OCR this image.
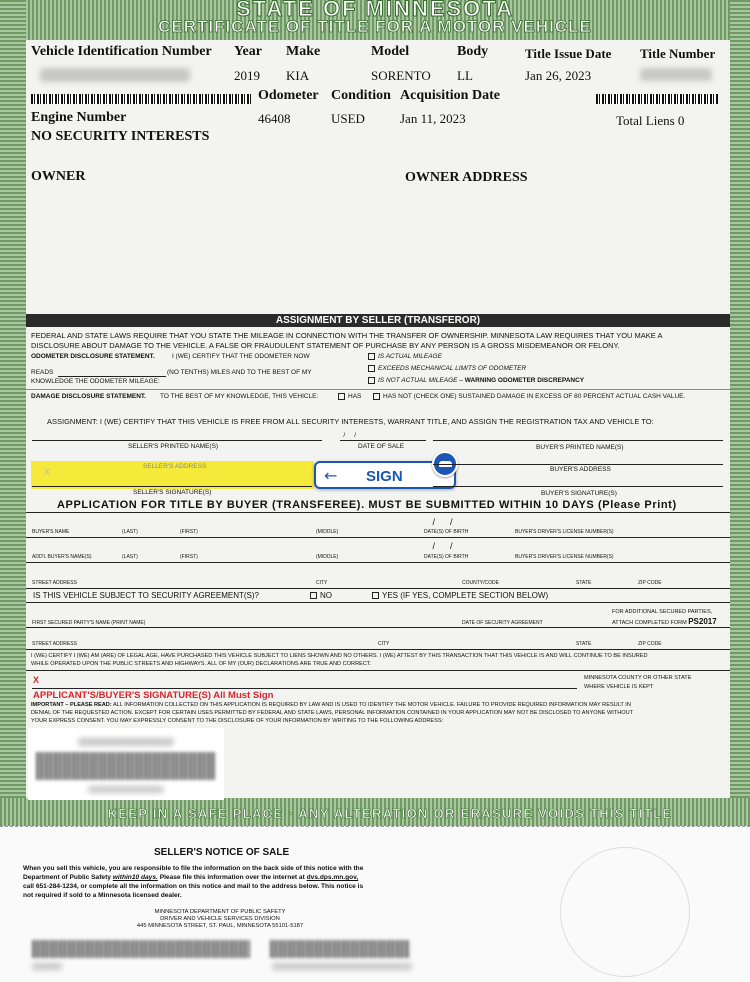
STATE OF MINNESOTA
CERTIFICATE OF TITLE FOR A MOTOR VEHICLE
Vehicle Identification Number Year Make	Model	Body	Title Issue Date Title Number
2019 KIA	SORENTO LL	Jan 26, 2023
Odometer Condition Acquisition Date
Engine Number	46408	USED	Jan 11, 2023	Total Liens 0
NO SECURITY INTERESTS
OWNER	OWNER ADDRESS
ASSIGNMENT BY SELLER (TRANSFEROR)
FEDERAL AND STATE LAWS REQUIRE THAT YOU STATE THE MILEAGE IN CONNECTION WITH THE TRANSFER OF OWNERSHIP. MINNESOTA LAW REQUIRES THAT YOU MAKE A
DISCLOSURE ABOUT DAMAGE TO THE VEHICLE. A FALSE OR FRAUDULENT STATEMENT OF PURCHASE BY ANY PERSON IS A GROSS MISDEMEANOR OR FELONY.
ODOMETER DISCLOSURE STATEMENT.	I (WE) CERTIFY THAT THE ODOMETER NOW
READS	(NO TENTHS) MILES AND TO THE BEST OF MY
KNOWLEDGE THE ODOMETER MILEAGE:
IS ACTUAL MILEAGE
EXCEEDS MECHANICAL LIMITS OF ODOMETER
IS NOT ACTUAL MILEAGE – WARNING ODOMETER DISCREPANCY
DAMAGE DISCLOSURE STATEMENT. TO THE BEST OF MY KNOWLEDGE, THIS VEHICLE:	HAS	HAS NOT (CHECK ONE) SUSTAINED DAMAGE IN EXCESS OF 80 PERCENT ACTUAL CASH VALUE.
ASSIGNMENT: I (WE) CERTIFY THAT THIS VEHICLE IS FREE FROM ALL SECURITY INTERESTS, WARRANT TITLE, AND ASSIGN THE REGISTRATION TAX AND VEHICLE TO:
/     /
SELLER'S PRINTED NAME(S)	DATE OF SALE	BUYER'S PRINTED NAME(S)
X
SELLER'S ADDRESS	← SIGN	BUYER'S ADDRESS
SELLER'S SIGNATURE(S)	BUYER'S SIGNATURE(S)
APPLICATION FOR TITLE BY BUYER (TRANSFEREE). MUST BE SUBMITTED WITHIN 10 DAYS (Please Print)
BUYER'S NAME	(LAST)	(FIRST)	(MIDDLE)
/      /
DATE(S) OF BIRTH	BUYER'S DRIVER'S LICENSE NUMBER(S)
ADD'L BUYER'S NAME(S)	(LAST)	(FIRST)	(MIDDLE)
/      /
DATE(S) OF BIRTH	BUYER'S DRIVER'S LICENSE NUMBER(S)
STREET ADDRESS	CITY	COUNTY/CODE	STATE	ZIP CODE
IS THIS VEHICLE SUBJECT TO SECURITY AGREEMENT(S)?	NO	YES (IF YES, COMPLETE SECTION BELOW)
FIRST SECURED PARTY'S NAME (PRINT NAME)	DATE OF SECURITY AGREEMENT
FOR ADDITIONAL SECURED PARTIES,
ATTACH COMPLETED FORM PS2017
STREET ADDRESS	CITY	STATE	ZIP CODE
I (WE) CERTIFY I (WE) AM (ARE) OF LEGAL AGE, HAVE PURCHASED THIS VEHICLE SUBJECT TO LIENS SHOWN AND NO OTHERS. I (WE) ATTEST BY THIS TRANSACTION THAT THIS VEHICLE IS AND WILL CONTINUE TO BE INSURED
WHILE OPERATED UPON THE PUBLIC STREETS AND HIGHWAYS. ALL OF MY (OUR) DECLARATIONS ARE TRUE AND CORRECT.
X	MINNESOTA COUNTY OR OTHER STATE
WHERE VEHICLE IS KEPT
APPLICANT'S/BUYER'S SIGNATURE(S) All Must Sign
IMPORTANT – PLEASE READ: ALL INFORMATION COLLECTED ON THIS APPLICATION IS REQUIRED BY LAW AND IS USED TO IDENTIFY THE MOTOR VEHICLE. FAILURE TO PROVIDE REQUIRED INFORMATION MAY RESULT IN
DENIAL OF THE REQUESTED ACTION. EXCEPT FOR CERTAIN USES PERMITTED BY FEDERAL AND STATE LAWS, PERSONAL INFORMATION CONTAINED IN YOUR APPLICATION MAY NOT BE DISCLOSED TO ANYONE WITHOUT
YOUR EXPRESS CONSENT. YOU MAY EXPRESSLY CONSENT TO THE DISCLOSURE OF YOUR INFORMATION BY WRITING TO THE FOLLOWING ADDRESS:
KEEP IN A SAFE PLACE · ANY ALTERATION OR ERASURE VOIDS THIS TITLE
SELLER'S NOTICE OF SALE
When you sell this vehicle, you are responsible to file the information on the back side of this notice with the
Department of Public Safety within10 days. Please file this information over the internet at dvs.dps.mn.gov,
call 651-284-1234, or complete all the information on this notice and mail to the address below. This notice is
not required if sold to a Minnesota licensed dealer.
MINNESOTA DEPARTMENT OF PUBLIC SAFETY
DRIVER AND VEHICLE SERVICES DIVISION
445 MINNESOTA STREET, ST. PAUL, MINNESOTA 55101-5187
